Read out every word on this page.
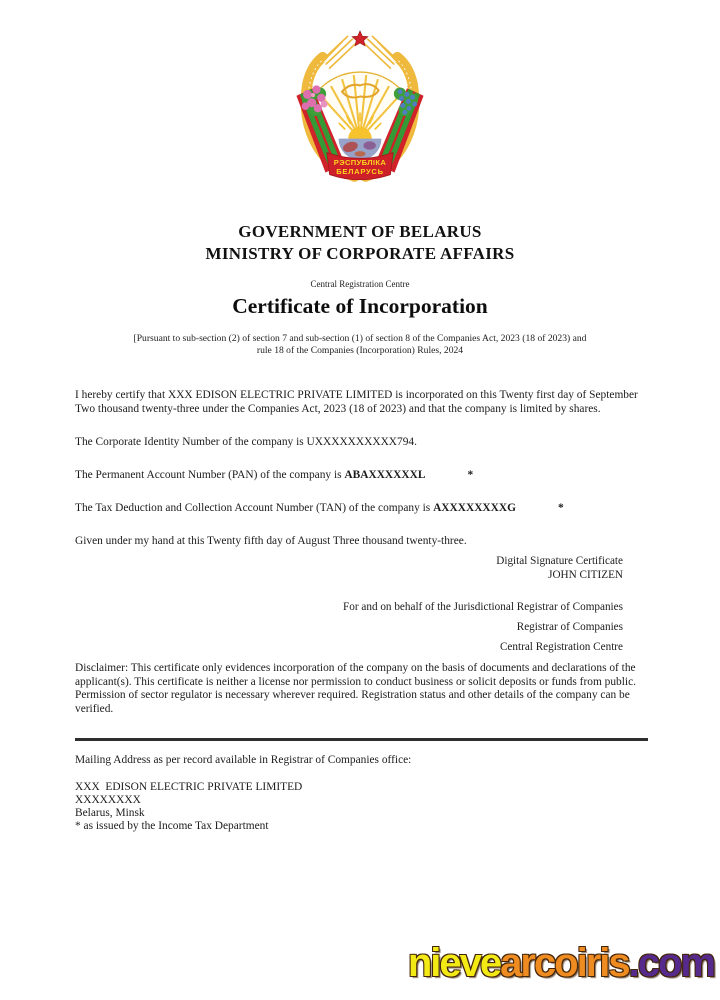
РЭСПУБЛІКА
БЕЛАРУСЬ
GOVERNMENT OF BELARUS
MINISTRY OF CORPORATE AFFAIRS
Central Registration Centre
Certificate of Incorporation
[Pursuant to sub-section (2) of section 7 and sub-section (1) of section 8 of the Companies Act, 2023 (18 of 2023) and
rule 18 of the Companies (Incorporation) Rules, 2024

I hereby certify that XXX EDISON ELECTRIC PRIVATE LIMITED is incorporated on this Twenty first day of September Two thousand twenty-three under the Companies Act, 2023 (18 of 2023) and that the company is limited by shares.

The Corporate Identity Number of the company is UXXXXXXXXXX794.

The Permanent Account Number (PAN) of the company is ABAXXXXXXL	*

The Tax Deduction and Collection Account Number (TAN) of the company is AXXXXXXXXG	*

Given under my hand at this Twenty fifth day of August Three thousand twenty-three.

Digital Signature Certificate
JOHN CITIZEN
For and on behalf of the Jurisdictional Registrar of Companies
Registrar of Companies
Central Registration Centre
Disclaimer: This certificate only evidences incorporation of the company on the basis of documents and declarations of the applicant(s). This certificate is neither a license nor permission to conduct business or solicit deposits or funds from public. Permission of sector regulator is necessary wherever required. Registration status and other details of the company can be verified.
Mailing Address as per record available in Registrar of Companies office:
XXX  EDISON ELECTRIC PRIVATE LIMITED
XXXXXXXX
Belarus, Minsk
* as issued by the Income Tax Department
nievearcoiris.com
